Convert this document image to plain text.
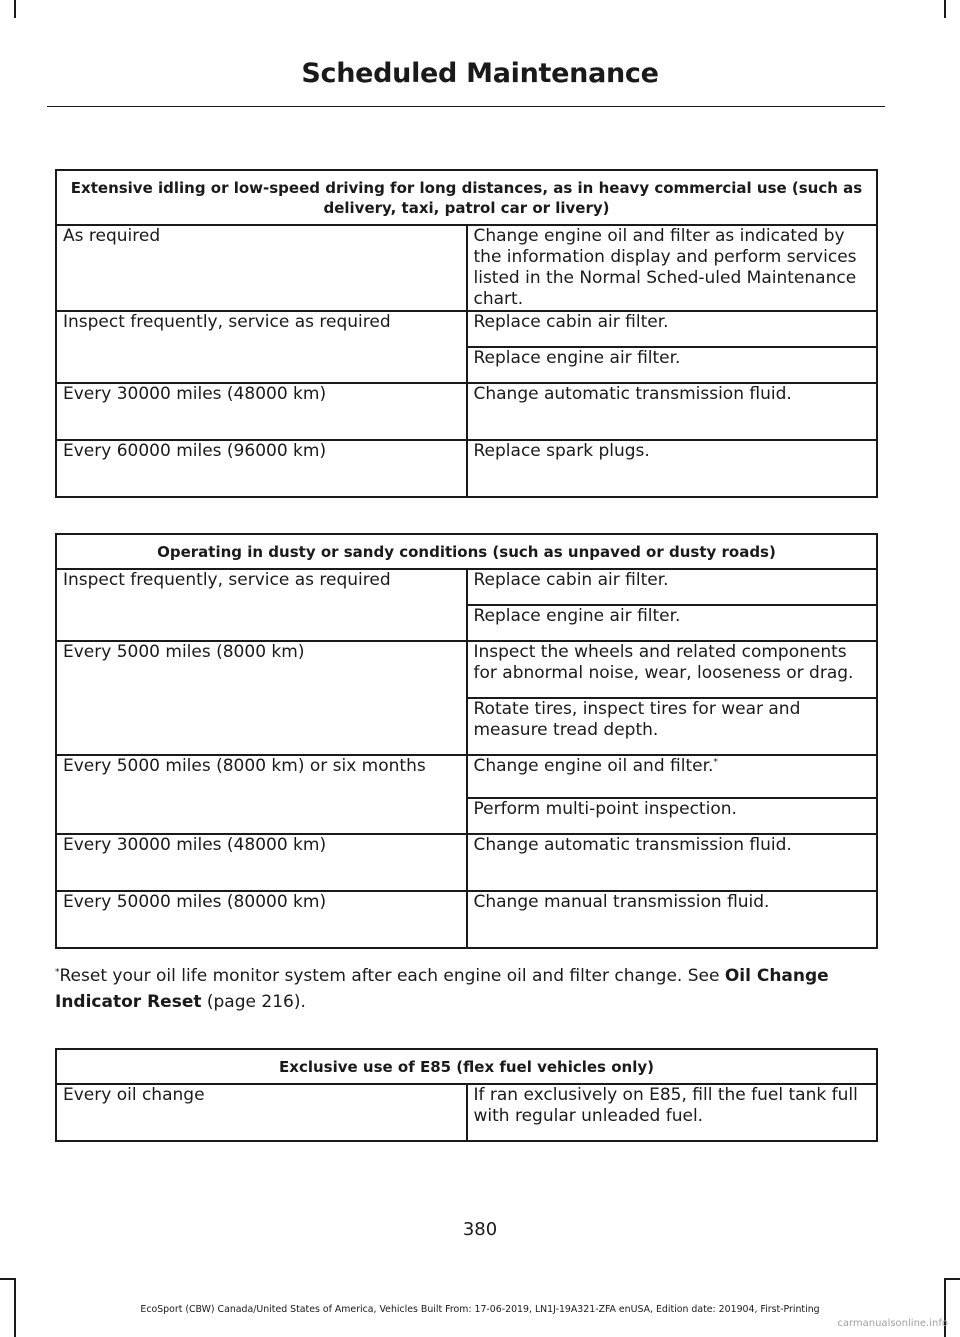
Scheduled Maintenance
Extensive idling or low-speed driving for long distances, as in heavy commercial use (such as delivery, taxi, patrol car or livery)	
As required	Change engine oil and filter as indicated by the information display and perform services listed in the Normal Sched-uled Maintenance chart.
Inspect frequently, service as required	Replace cabin air filter.
	Replace engine air filter.
Every 30000 miles (48000 km)	Change automatic transmission fluid.
Every 60000 miles (96000 km)	Replace spark plugs.
Operating in dusty or sandy conditions (such as unpaved or dusty roads)	
Inspect frequently, service as required	Replace cabin air filter.
	Replace engine air filter.
Every 5000 miles (8000 km)	Inspect the wheels and related components for abnormal noise, wear, looseness or drag.
	Rotate tires, inspect tires for wear and measure tread depth.
Every 5000 miles (8000 km) or six months	Change engine oil and filter.*
	Perform multi-point inspection.
Every 30000 miles (48000 km)	Change automatic transmission fluid.
Every 50000 miles (80000 km)	Change manual transmission fluid.
*Reset your oil life monitor system after each engine oil and filter change. See Oil Change Indicator Reset (page 216).
Exclusive use of E85 (flex fuel vehicles only)
Every oil change	If ran exclusively on E85, fill the fuel tank full with regular unleaded fuel.
380
EcoSport (CBW) Canada/United States of America, Vehicles Built From: 17-06-2019, LN1J-19A321-ZFA enUSA, Edition date: 201904, First-Printing
carmanualsonline.info
